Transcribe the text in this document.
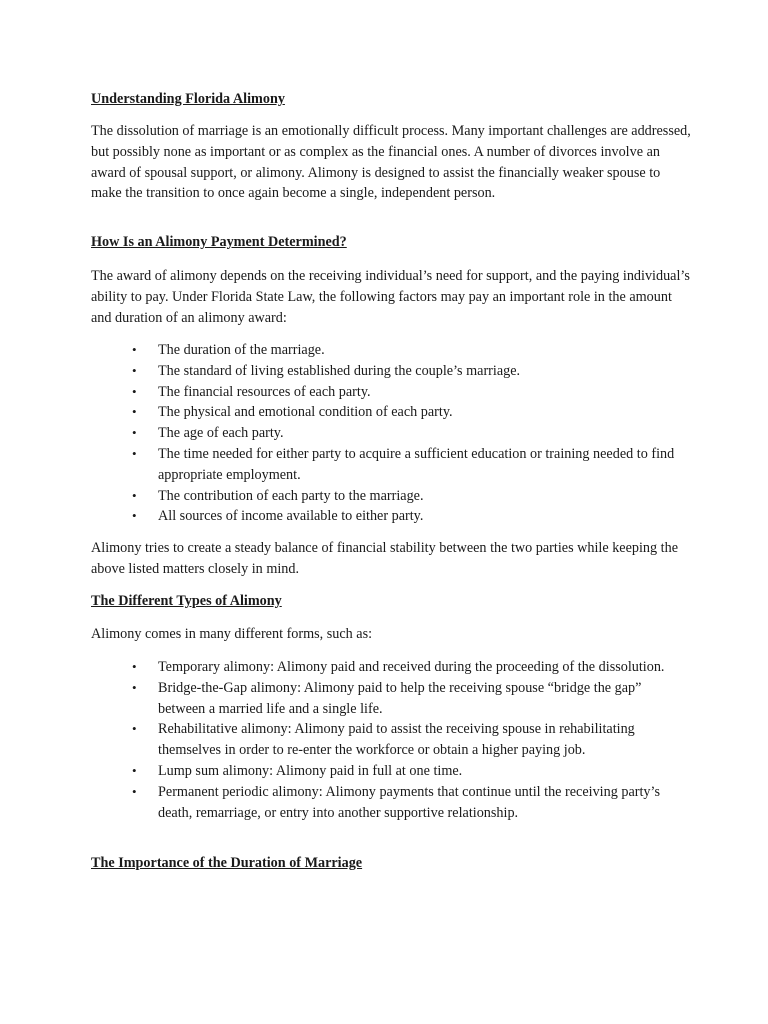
Understanding Florida Alimony

The dissolution of marriage is an emotionally difficult process. Many important challenges are addressed, but possibly none as important or as complex as the financial ones. A number of divorces involve an award of spousal support, or alimony. Alimony is designed to assist the financially weaker spouse to make the transition to once again become a single, independent person.

How Is an Alimony Payment Determined?

The award of alimony depends on the receiving individual’s need for support, and the paying individual’s ability to pay. Under Florida State Law, the following factors may pay an important role in the amount and duration of an alimony award:

• The duration of the marriage.
• The standard of living established during the couple’s marriage.
• The financial resources of each party.
• The physical and emotional condition of each party.
• The age of each party.
• The time needed for either party to acquire a sufficient education or training needed to find appropriate employment.
• The contribution of each party to the marriage.
• All sources of income available to either party.

Alimony tries to create a steady balance of financial stability between the two parties while keeping the above listed matters closely in mind.

The Different Types of Alimony

Alimony comes in many different forms, such as:

• Temporary alimony: Alimony paid and received during the proceeding of the dissolution.
• Bridge-the-Gap alimony: Alimony paid to help the receiving spouse “bridge the gap” between a married life and a single life.
• Rehabilitative alimony: Alimony paid to assist the receiving spouse in rehabilitating themselves in order to re-enter the workforce or obtain a higher paying job.
• Lump sum alimony: Alimony paid in full at one time.
• Permanent periodic alimony: Alimony payments that continue until the receiving party’s death, remarriage, or entry into another supportive relationship.

The Importance of the Duration of Marriage
